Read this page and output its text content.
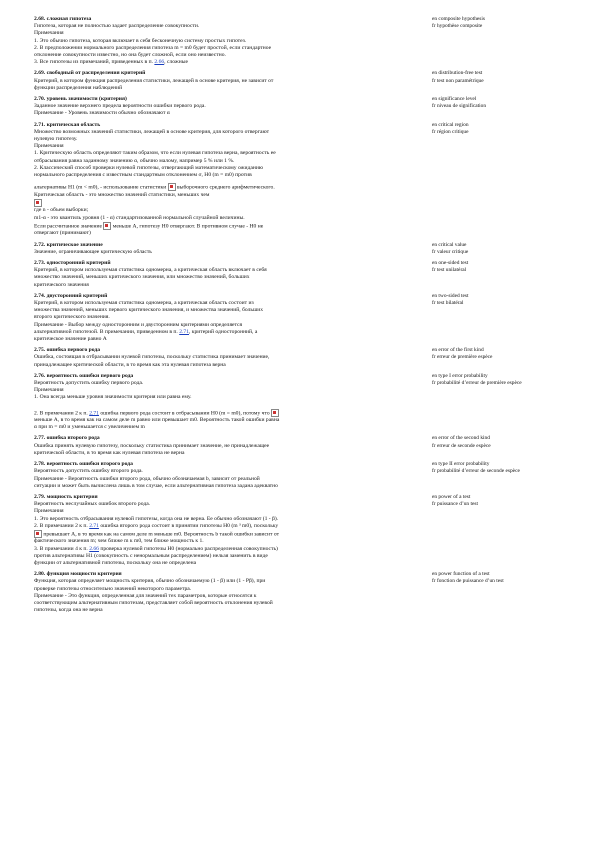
2.68. сложная гипотеза
Гипотеза, которая не полностью задает распределение совокупности.
Примечания
1. Это обычно гипотеза, которая включает в себя бесконечную систему простых гипотез.
2. В предположении нормального распределения гипотеза m = m0 будет простой, если стандартное
отклонение совокупности известно, но она будет сложной, если оно неизвестно.
3. Все гипотезы из примечаний, приведенных в п. 2.66, сложные
en composite hypothesis
fr hypothèse composite
2.69. свободный от распределения критерий
Критерий, в котором функция распределения статистики, лежащей в основе критерия, не зависит от
функции распределения наблюдений
en distribution-free test
fr test non paramétrique
2.70. уровень значимости (критерия)
Заданное значение верхнего предела вероятности ошибки первого рода.
Примечание - Уровень значимости обычно обозначают α
en significance level
fr niveau de signification
2.71. критическая область
Множество возможных значений статистики, лежащей в основе критерия, для которого отвергают
нулевую гипотезу.
Примечания
1. Критическую область определяют таким образом, что если нулевая гипотеза верна, вероятность ее
отбрасывания равна заданному значению α, обычно малому, например 5 % или 1 %.
2. Классический способ проверки нулевой гипотезы, отвергающий математическому ожиданию
нормального распределения с известным стандартным отклонением σ, H0 (m = m0) против
en critical region
fr région critique
альтернативы H1 (m < m0), - использование статистики  выборочного среднего арифметического.
Критическая область - это множество значений статистики, меньших чем
где n - объем выборки;
m1-α - это квантиль уровня (1 - α) стандартизованной нормальной случайной величины.
Если рассчитанное значение  меньше A, гипотезу H0 отвергают. В противном случае - H0 не
отвергают (принимают)
2.72. критическое значение
Значение, ограничивающее критическую область
en critical value
fr valeur critique
2.73. односторонний критерий
Критерий, в котором используемая статистика одномерна, а критическая область включает в себя
множество значений, меньших критического значения, или множество значений, больших
критического значения
en one-sided test
fr test unilatéral
2.74. двусторонний критерий
Критерий, в котором используемая статистика одномерна, а критическая область состоит из
множества значений, меньших первого критического значения, и множества значений, больших
второго критического значения.
Примечание - Выбор между односторонним и двусторонним критериями определяется
альтернативной гипотезой. В примечании, приведенном в п. 2.71, критерий односторонний, а
критическое значение равно A
en two-sided test
fr test bilatéral
2.75. ошибка первого рода
Ошибка, состоящая в отбрасывании нулевой гипотезы, поскольку статистика принимает значение,
принадлежащее критической области, в то время как эта нулевая гипотеза верна
en error of the first kind
fr erreur de première espèce
2.76. вероятность ошибки первого рода
Вероятность допустить ошибку первого рода.
Примечания
1. Она всегда меньше уровня значимости критерия или равна ему.
2. В примечании 2 к п. 2.71 ошибка первого рода состоит в отбрасывании H0 (m = m0), потому что
меньше A, в то время как на самом деле m равно или превышает m0. Вероятность такой ошибки равна
α при m = m0 и уменьшается с увеличением m
en type I error probability
fr probabilité d’erreur de première espèce
2.77. ошибка второго рода
Ошибка принять нулевую гипотезу, поскольку статистика принимает значение, не принадлежащее
критической области, в то время как нулевая гипотеза не верна
en error of the second kind
fr erreur de seconde espèce
2.78. вероятность ошибки второго рода
Вероятность допустить ошибку второго рода.
Примечание - Вероятность ошибки второго рода, обычно обозначаемая b, зависит от реальной
ситуации и может быть вычислена лишь в том случае, если альтернативная гипотеза задана адекватно
en type II error probability
fr probabilité d’erreur de seconde espèce
2.79. мощность критерия
Вероятность неслучайных ошибок второго рода.
Примечания
1. Это вероятность отбрасывания нулевой гипотезы, когда она не верна. Ее обычно обозначают (1 - β).
2. В примечании 2 к п. 2.71 ошибка второго рода состоит в принятии гипотезы H0 (m ³ m0), поскольку
превышает A, в то время как на самом деле m меньше m0. Вероятность b такой ошибки зависит от
фактического значения m; чем ближе m к m0, тем ближе мощность к 1.
3. В примечании 4 к п. 2.66 проверка нулевой гипотезы H0 (нормально распределенная совокупность)
против альтернативы H1 (совокупность с ненормальным распределением) нельзя заменить в виде
функции от альтернативной гипотезы, поскольку она не определена
en power of a test
fr puissance d’un test
2.80. функция мощности критерия
Функция, которая определяет мощность критерия, обычно обозначаемую (1 - β) или (1 - Pβ), при
проверке гипотезы относительно значений некоторого параметра.
Примечание - Это функция, определенная для значений тех параметров, которые относятся к
соответствующим альтернативным гипотезам, представляет собой вероятность отклонения нулевой
гипотезы, когда она не верна
en power function of a test
fr fonction de puissance d’un test
